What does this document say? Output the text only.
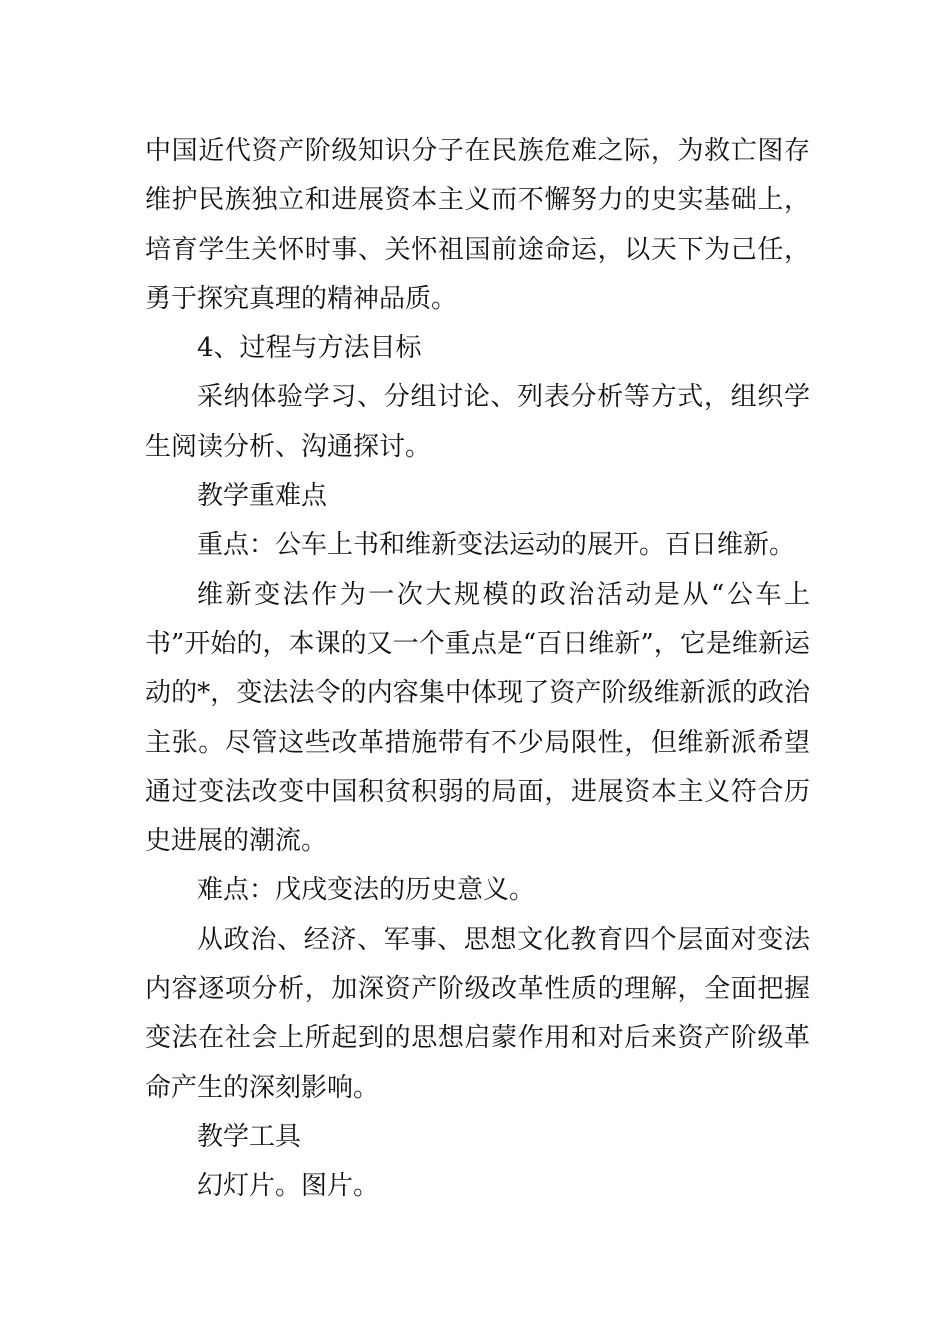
中国近代资产阶级知识分子在民族危难之际，为救亡图存维护民族独立和进展资本主义而不懈努力的史实基础上，培育学生关怀时事、关怀祖国前途命运，以天下为己任，勇于探究真理的精神品质。

4、过程与方法目标

采纳体验学习、分组讨论、列表分析等方式，组织学生阅读分析、沟通探讨。

教学重难点

重点：公车上书和维新变法运动的展开。百日维新。

维新变法作为一次大规模的政治活动是从“公车上书”开始的，本课的又一个重点是“百日维新”，它是维新运动的*，变法法令的内容集中体现了资产阶级维新派的政治主张。尽管这些改革措施带有不少局限性，但维新派希望通过变法改变中国积贫积弱的局面，进展资本主义符合历史进展的潮流。

难点：戊戌变法的历史意义。

从政治、经济、军事、思想文化教育四个层面对变法内容逐项分析，加深资产阶级改革性质的理解，全面把握变法在社会上所起到的思想启蒙作用和对后来资产阶级革命产生的深刻影响。

教学工具

幻灯片。图片。
